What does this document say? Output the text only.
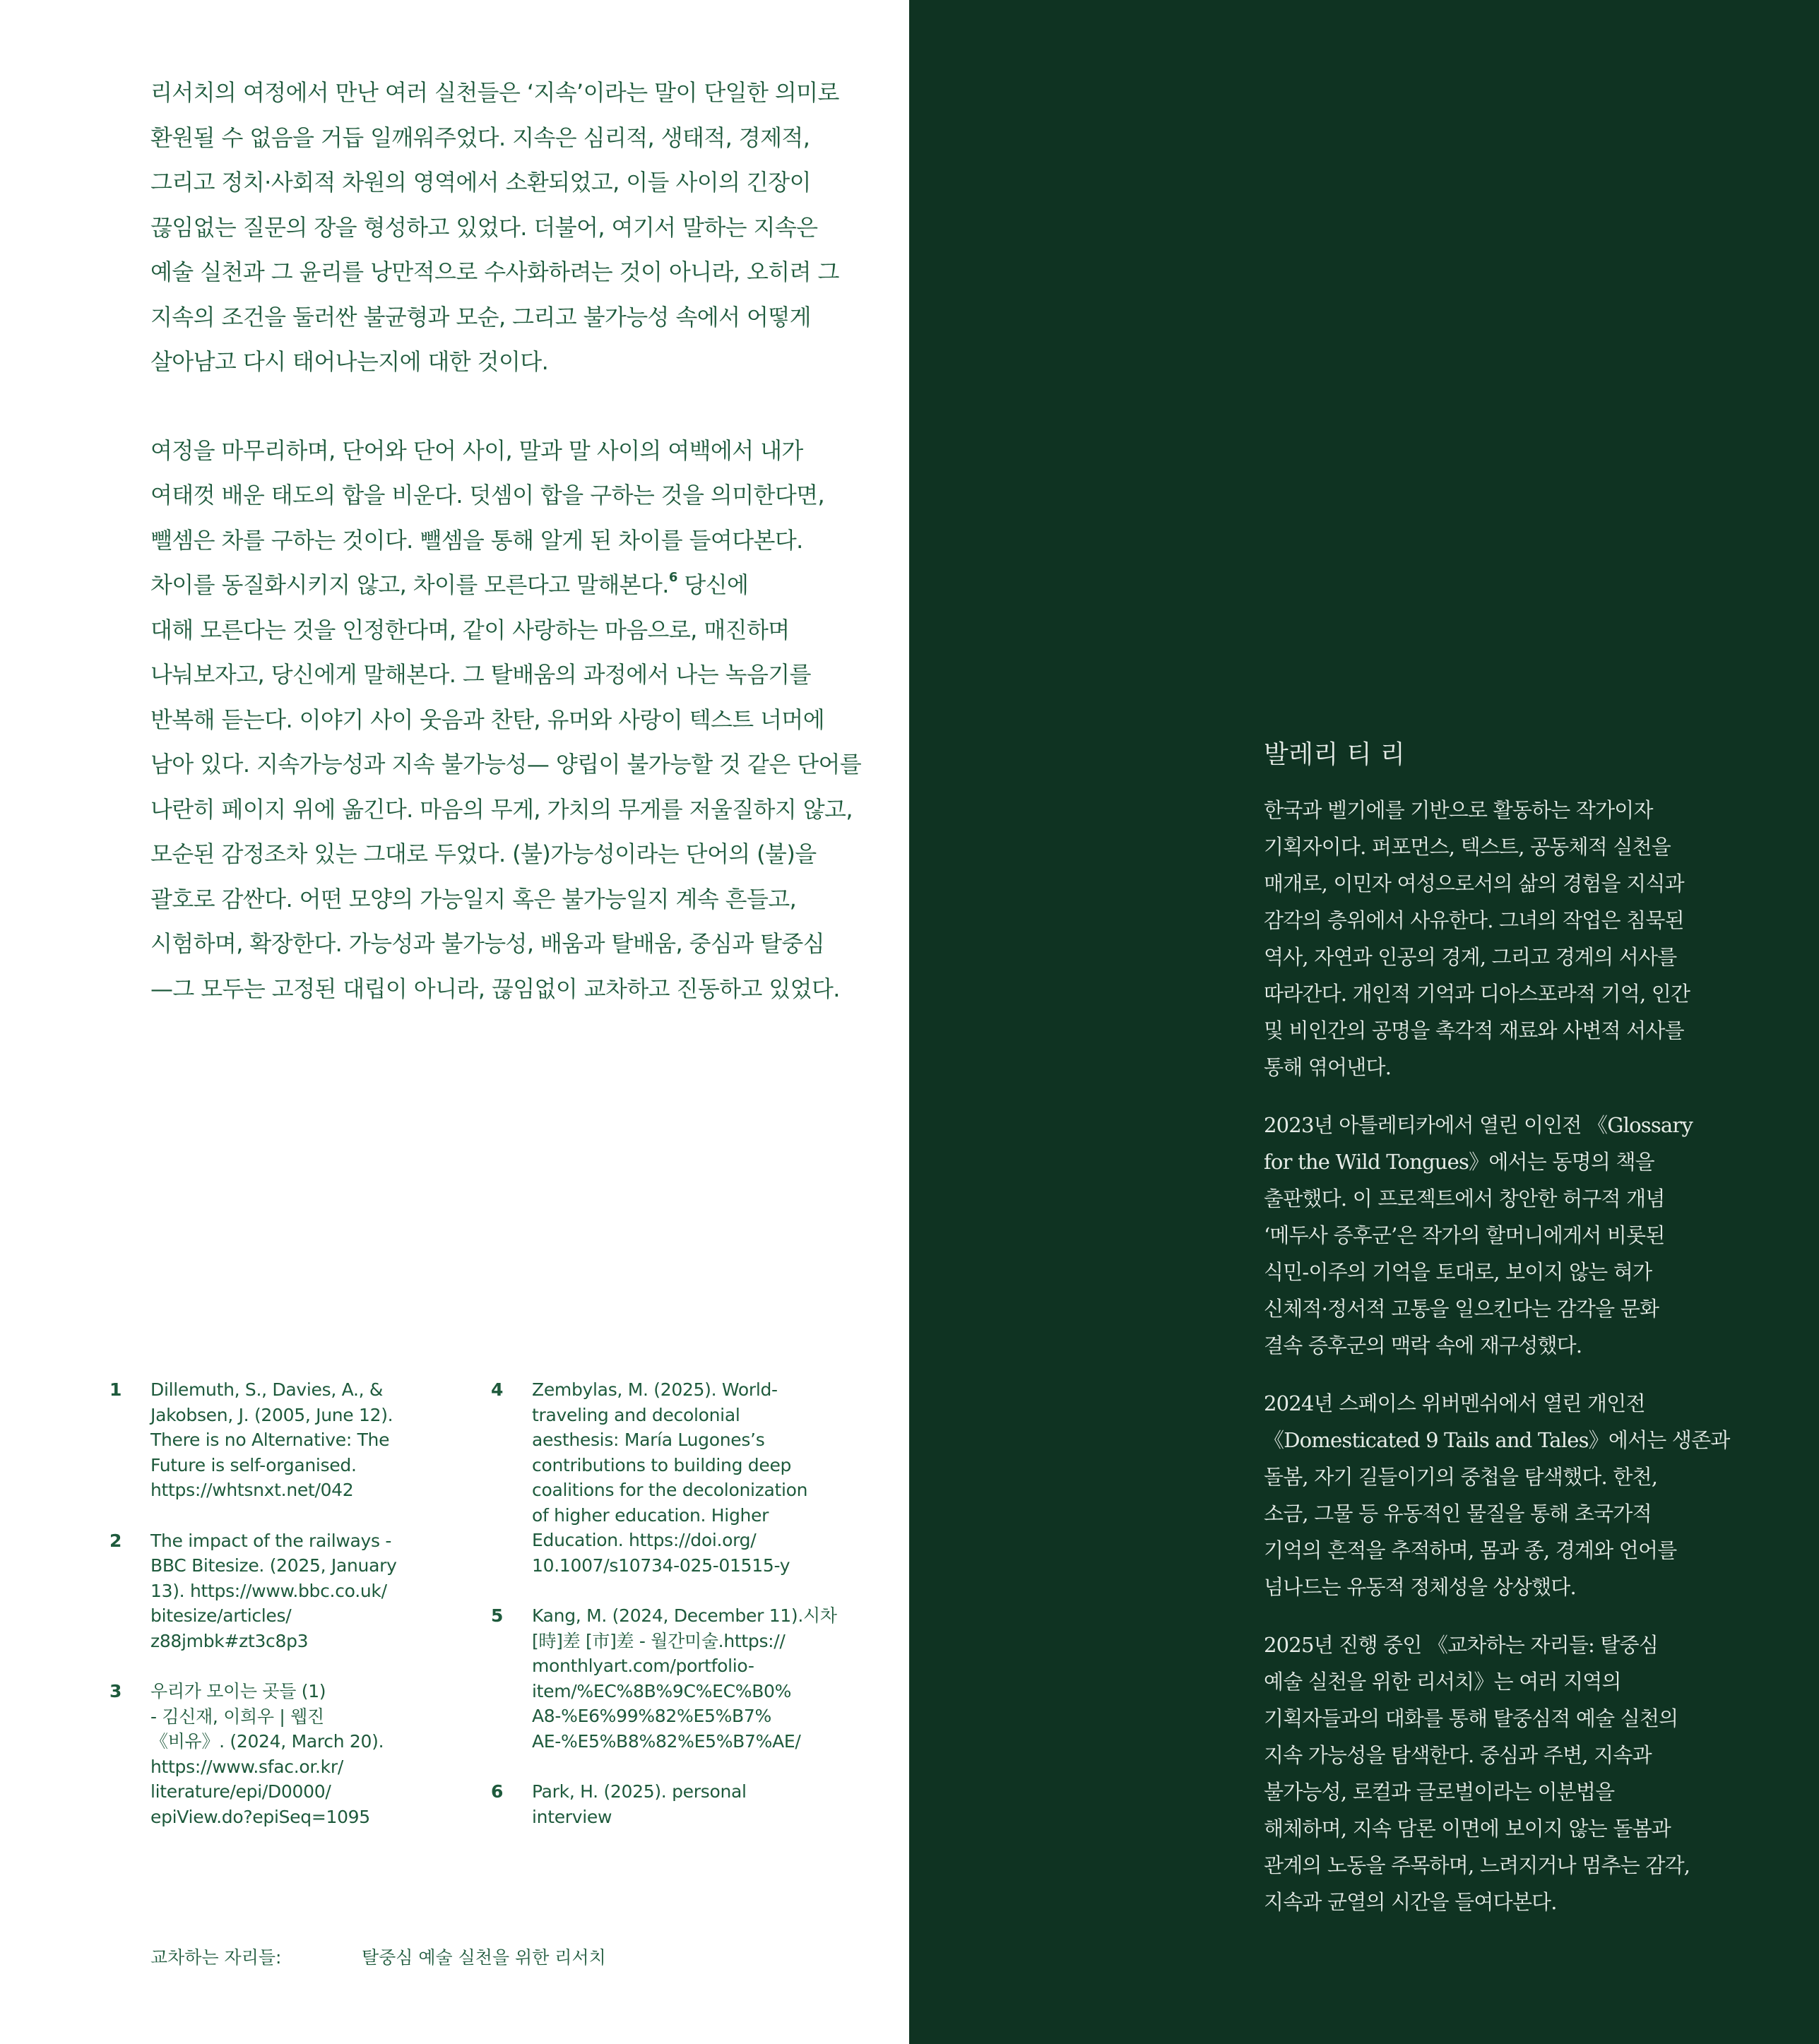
리서치의 여정에서 만난 여러 실천들은 ‘지속’이라는 말이 단일한 의미로
환원될 수 없음을 거듭 일깨워주었다. 지속은 심리적, 생태적, 경제적,
그리고 정치·사회적 차원의 영역에서 소환되었고, 이들 사이의 긴장이
끊임없는 질문의 장을 형성하고 있었다. 더불어, 여기서 말하는 지속은
예술 실천과 그 윤리를 낭만적으로 수사화하려는 것이 아니라, 오히려 그
지속의 조건을 둘러싼 불균형과 모순, 그리고 불가능성 속에서 어떻게
살아남고 다시 태어나는지에 대한 것이다.
여정을 마무리하며, 단어와 단어 사이, 말과 말 사이의 여백에서 내가
여태껏 배운 태도의 합을 비운다. 덧셈이 합을 구하는 것을 의미한다면,
뺄셈은 차를 구하는 것이다. 뺄셈을 통해 알게 된 차이를 들여다본다.
차이를 동질화시키지 않고, 차이를 모른다고 말해본다.$^6$ 당신에
대해 모른다는 것을 인정한다며, 같이 사랑하는 마음으로, 매진하며
나눠보자고, 당신에게 말해본다. 그 탈배움의 과정에서 나는 녹음기를
반복해 듣는다. 이야기 사이 웃음과 찬탄, 유머와 사랑이 텍스트 너머에
남아 있다. 지속가능성과 지속 불가능성— 양립이 불가능할 것 같은 단어를
나란히 페이지 위에 옮긴다. 마음의 무게, 가치의 무게를 저울질하지 않고,
모순된 감정조차 있는 그대로 두었다. (불)가능성이라는 단어의 (불)을
괄호로 감싼다. 어떤 모양의 가능일지 혹은 불가능일지 계속 흔들고,
시험하며, 확장한다. 가능성과 불가능성, 배움과 탈배움, 중심과 탈중심
—그 모두는 고정된 대립이 아니라, 끊임없이 교차하고 진동하고 있었다.
1 Dillemuth, S., Davies, A., &
Jakobsen, J. (2005, June 12).
There is no Alternative: The
Future is self-organised.
https://whtsnxt.net/042
2 The impact of the railways -
BBC Bitesize. (2025, January
13). https://www.bbc.co.uk/
bitesize/articles/
z88jmbk#zt3c8p3
3 우리가 모이는 곳들 (1)
- 김신재, 이희우 | 웹진
《비유》. (2024, March 20).
https://www.sfac.or.kr/
literature/epi/D0000/
epiView.do?epiSeq=1095
4 Zembylas, M. (2025). World-
traveling and decolonial
aesthesis: María Lugones’s
contributions to building deep
coalitions for the decolonization
of higher education. Higher
Education. https://doi.org/
10.1007/s10734-025-01515-y
5 Kang, M. (2024, December 11).시차
[時]差 [市]差 - 월간미술.https://
monthlyart.com/portfolio-
item/%EC%8B%9C%EC%B0%
A8-%E6%99%82%E5%B7%
AE-%E5%B8%82%E5%B7%AE/
6 Park, H. (2025). personal
interview
교차하는 자리들:	탈중심 예술 실천을 위한 리서치
발레리 티 리
한국과 벨기에를 기반으로 활동하는 작가이자
기획자이다. 퍼포먼스, 텍스트, 공동체적 실천을
매개로, 이민자 여성으로서의 삶의 경험을 지식과
감각의 층위에서 사유한다. 그녀의 작업은 침묵된
역사, 자연과 인공의 경계, 그리고 경계의 서사를
따라간다. 개인적 기억과 디아스포라적 기억, 인간
및 비인간의 공명을 촉각적 재료와 사변적 서사를
통해 엮어낸다.
2023년 아틀레티카에서 열린 이인전 《Glossary
for the Wild Tongues》에서는 동명의 책을
출판했다. 이 프로젝트에서 창안한 허구적 개념
‘메두사 증후군’은 작가의 할머니에게서 비롯된
식민-이주의 기억을 토대로, 보이지 않는 혀가
신체적·정서적 고통을 일으킨다는 감각을 문화
결속 증후군의 맥락 속에 재구성했다.
2024년 스페이스 위버멘쉬에서 열린 개인전
《Domesticated 9 Tails and Tales》에서는 생존과
돌봄, 자기 길들이기의 중첩을 탐색했다. 한천,
소금, 그물 등 유동적인 물질을 통해 초국가적
기억의 흔적을 추적하며, 몸과 종, 경계와 언어를
넘나드는 유동적 정체성을 상상했다.
2025년 진행 중인 《교차하는 자리들: 탈중심
예술 실천을 위한 리서치》는 여러 지역의
기획자들과의 대화를 통해 탈중심적 예술 실천의
지속 가능성을 탐색한다. 중심과 주변, 지속과
불가능성, 로컬과 글로벌이라는 이분법을
해체하며, 지속 담론 이면에 보이지 않는 돌봄과
관계의 노동을 주목하며, 느려지거나 멈추는 감각,
지속과 균열의 시간을 들여다본다.
